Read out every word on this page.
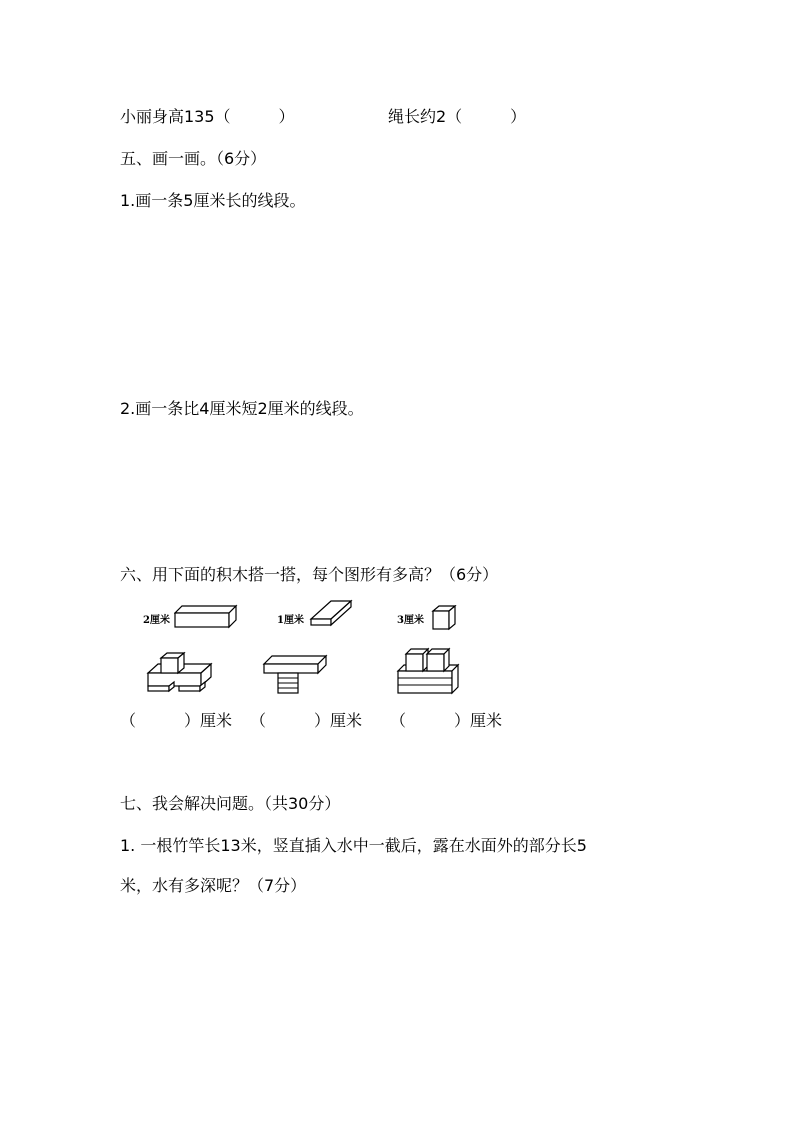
小丽身高135（　　　）	绳长约2（　　　）
五、画一画。（6分）
1.画一条5厘米长的线段。
2.画一条比4厘米短2厘米的线段。
六、用下面的积木搭一搭，每个图形有多高？（6分）
2厘米	1厘米	3厘米
（　　　）厘米 （　　　）厘米 （　　　）厘米
七、我会解决问题。（共30分）
1. 一根竹竿长13米，竖直插入水中一截后，露在水面外的部分长5
米，水有多深呢？（7分）
